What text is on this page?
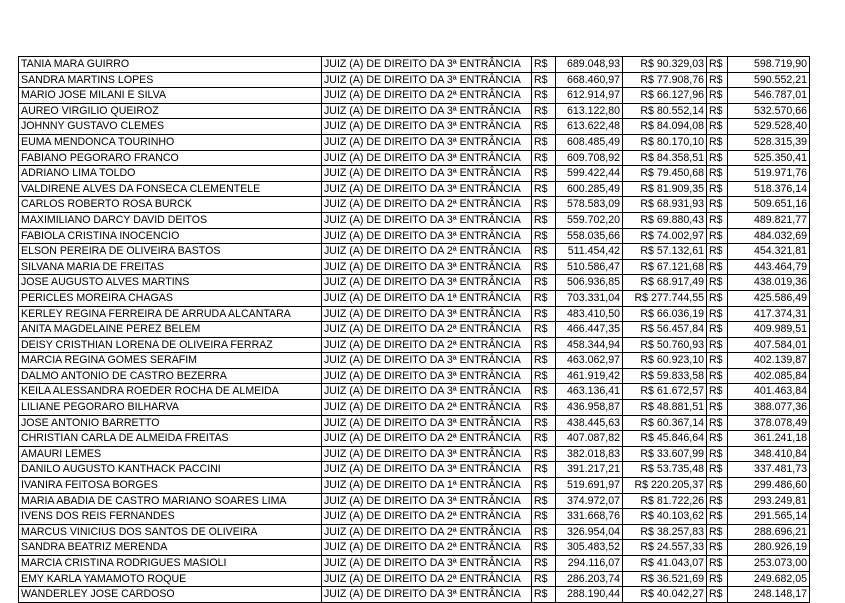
TANIA MARA GUIRRO	JUIZ (A) DE DIREITO DA 3ª ENTRÂNCIA	R$	689.048,93	R$ 90.329,03	R$	598.719,90
SANDRA MARTINS LOPES	JUIZ (A) DE DIREITO DA 3ª ENTRÂNCIA	R$	668.460,97	R$ 77.908,76	R$	590.552,21
MARIO JOSE MILANI E SILVA	JUIZ (A) DE DIREITO DA 2ª ENTRÂNCIA	R$	612.914,97	R$ 66.127,96	R$	546.787,01
AUREO VIRGILIO QUEIROZ	JUIZ (A) DE DIREITO DA 3ª ENTRÂNCIA	R$	613.122,80	R$ 80.552,14	R$	532.570,66
JOHNNY GUSTAVO CLEMES	JUIZ (A) DE DIREITO DA 3ª ENTRÂNCIA	R$	613.622,48	R$ 84.094,08	R$	529.528,40
EUMA MENDONCA TOURINHO	JUIZ (A) DE DIREITO DA 3ª ENTRÂNCIA	R$	608.485,49	R$ 80.170,10	R$	528.315,39
FABIANO PEGORARO FRANCO	JUIZ (A) DE DIREITO DA 3ª ENTRÂNCIA	R$	609.708,92	R$ 84.358,51	R$	525.350,41
ADRIANO LIMA TOLDO	JUIZ (A) DE DIREITO DA 3ª ENTRÂNCIA	R$	599.422,44	R$ 79.450,68	R$	519.971,76
VALDIRENE ALVES DA FONSECA CLEMENTELE	JUIZ (A) DE DIREITO DA 3ª ENTRÂNCIA	R$	600.285,49	R$ 81.909,35	R$	518.376,14
CARLOS ROBERTO ROSA BURCK	JUIZ (A) DE DIREITO DA 2ª ENTRÂNCIA	R$	578.583,09	R$ 68.931,93	R$	509.651,16
MAXIMILIANO DARCY DAVID DEITOS	JUIZ (A) DE DIREITO DA 3ª ENTRÂNCIA	R$	559.702,20	R$ 69.880,43	R$	489.821,77
FABIOLA CRISTINA INOCENCIO	JUIZ (A) DE DIREITO DA 3ª ENTRÂNCIA	R$	558.035,66	R$ 74.002,97	R$	484.032,69
ELSON PEREIRA DE OLIVEIRA BASTOS	JUIZ (A) DE DIREITO DA 2ª ENTRÂNCIA	R$	511.454,42	R$ 57.132,61	R$	454.321,81
SILVANA MARIA DE FREITAS	JUIZ (A) DE DIREITO DA 3ª ENTRÂNCIA	R$	510.586,47	R$ 67.121,68	R$	443.464,79
JOSE AUGUSTO ALVES MARTINS	JUIZ (A) DE DIREITO DA 3ª ENTRÂNCIA	R$	506.936,85	R$ 68.917,49	R$	438.019,36
PERICLES MOREIRA CHAGAS	JUIZ (A) DE DIREITO DA 1ª ENTRÂNCIA	R$	703.331,04	R$ 277.744,55	R$	425.586,49
KERLEY REGINA FERREIRA DE ARRUDA ALCANTARA	JUIZ (A) DE DIREITO DA 3ª ENTRÂNCIA	R$	483.410,50	R$ 66.036,19	R$	417.374,31
ANITA MAGDELAINE PEREZ BELEM	JUIZ (A) DE DIREITO DA 2ª ENTRÂNCIA	R$	466.447,35	R$ 56.457,84	R$	409.989,51
DEISY CRISTHIAN LORENA DE OLIVEIRA FERRAZ	JUIZ (A) DE DIREITO DA 2ª ENTRÂNCIA	R$	458.344,94	R$ 50.760,93	R$	407.584,01
MARCIA REGINA GOMES SERAFIM	JUIZ (A) DE DIREITO DA 3ª ENTRÂNCIA	R$	463.062,97	R$ 60.923,10	R$	402.139,87
DALMO ANTONIO DE CASTRO BEZERRA	JUIZ (A) DE DIREITO DA 3ª ENTRÂNCIA	R$	461.919,42	R$ 59.833,58	R$	402.085,84
KEILA ALESSANDRA ROEDER ROCHA DE ALMEIDA	JUIZ (A) DE DIREITO DA 3ª ENTRÂNCIA	R$	463.136,41	R$ 61.672,57	R$	401.463,84
LILIANE PEGORARO BILHARVA	JUIZ (A) DE DIREITO DA 2ª ENTRÂNCIA	R$	436.958,87	R$ 48.881,51	R$	388.077,36
JOSE ANTONIO BARRETTO	JUIZ (A) DE DIREITO DA 3ª ENTRÂNCIA	R$	438.445,63	R$ 60.367,14	R$	378.078,49
CHRISTIAN CARLA DE ALMEIDA FREITAS	JUIZ (A) DE DIREITO DA 2ª ENTRÂNCIA	R$	407.087,82	R$ 45.846,64	R$	361.241,18
AMAURI LEMES	JUIZ (A) DE DIREITO DA 3ª ENTRÂNCIA	R$	382.018,83	R$ 33.607,99	R$	348.410,84
DANILO AUGUSTO KANTHACK PACCINI	JUIZ (A) DE DIREITO DA 3ª ENTRÂNCIA	R$	391.217,21	R$ 53.735,48	R$	337.481,73
IVANIRA FEITOSA BORGES	JUIZ (A) DE DIREITO DA 1ª ENTRÂNCIA	R$	519.691,97	R$ 220.205,37	R$	299.486,60
MARIA ABADIA DE CASTRO MARIANO SOARES LIMA	JUIZ (A) DE DIREITO DA 3ª ENTRÂNCIA	R$	374.972,07	R$ 81.722,26	R$	293.249,81
IVENS DOS REIS FERNANDES	JUIZ (A) DE DIREITO DA 2ª ENTRÂNCIA	R$	331.668,76	R$ 40.103,62	R$	291.565,14
MARCUS VINICIUS DOS SANTOS DE OLIVEIRA	JUIZ (A) DE DIREITO DA 2ª ENTRÂNCIA	R$	326.954,04	R$ 38.257,83	R$	288.696,21
SANDRA BEATRIZ MERENDA	JUIZ (A) DE DIREITO DA 2ª ENTRÂNCIA	R$	305.483,52	R$ 24.557,33	R$	280.926,19
MARCIA CRISTINA RODRIGUES MASIOLI	JUIZ (A) DE DIREITO DA 3ª ENTRÂNCIA	R$	294.116,07	R$ 41.043,07	R$	253.073,00
EMY KARLA YAMAMOTO ROQUE	JUIZ (A) DE DIREITO DA 2ª ENTRÂNCIA	R$	286.203,74	R$ 36.521,69	R$	249.682,05
WANDERLEY JOSE CARDOSO	JUIZ (A) DE DIREITO DA 3ª ENTRÂNCIA	R$	288.190,44	R$ 40.042,27	R$	248.148,17
